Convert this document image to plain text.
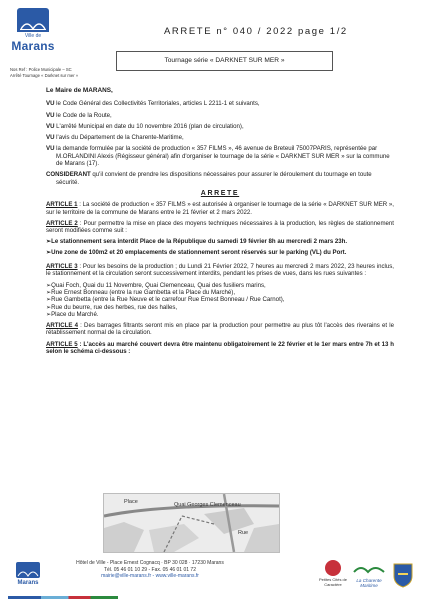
Ville de
Marans
ARRETE n° 040 / 2022 page 1/2
Tournage série « DARKNET SUR MER »
Nos Ref : Police Municipale – SC
Arrêté Tournage « Darknet sur mer »
Le Maire de MARANS,
VU le Code Général des Collectivités Territoriales, articles L 2211-1 et suivants,
VU le Code de la Route,
VU L'arrêté Municipal en date du 10 novembre 2016 (plan de circulation),
VU l'avis du Département de la Charente-Maritime,
VU la demande formulée par la société de production « 357 FILMS », 46 avenue de Breteuil 75007PARIS, représentée par M.ORLANDINI Alexis (Régisseur général) afin d'organiser le tournage de la série « DARKNET SUR MER » sur la commune de Marans (17).
CONSIDERANT qu'il convient de prendre les dispositions nécessaires pour assurer le déroulement du tournage en toute sécurité.
ARRETE
ARTICLE 1 : La société de production « 357 FILMS » est autorisée à organiser le tournage de la série « DARKNET SUR MER », sur le territoire de la commune de Marans entre le 21 février et 2 mars 2022.
ARTICLE 2 : Pour permettre la mise en place des moyens techniques nécessaires à la production, les règles de stationnement seront modifiées comme suit :
➢Le stationnement sera interdit Place de la République du samedi 19 février 8h au mercredi 2 mars 23h.
➢Une zone de 100m2 et 20 emplacements de stationnement seront réservés sur le parking (VL) du Port.
ARTICLE 3 : Pour les besoins de la production ; du Lundi 21 Février 2022, 7 heures au mercredi 2 mars 2022, 23 heures inclus, le stationnement et la circulation seront successivement interdits, pendant les prises de vues, dans les rues suivantes :
➢Quai Foch, Quai du 11 Novembre, Quai Clemenceau, Quai des fusiliers marins,
➢Rue Ernest Bonneau (entre la rue Gambetta et la Place du Marché),
➢Rue Gambetta (entre la Rue Neuve et le carrefour Rue Ernest Bonneau / Rue Carnot),
➢Rue du beurre, rue des herbes, rue des halles,
➢Place du Marché.
ARTICLE 4 : Des barrages filtrants seront mis en place par la production pour permettre au plus tôt l'accès des riverains et le rétablissement normal de la circulation.
ARTICLE 5 : L'accès au marché couvert devra être maintenu obligatoirement le 22 février et le 1er mars entre 7h et 13 h selon le schéma ci-dessous :
Quai Georges Clemenceau
Rue
Place
Hôtel de Ville - Place Ernest Cognacq · BP 30 028 · 17230 Marans
Tél. 05 46 01 10 29 - Fax. 05 46 01 01 72
mairie@ville-marans.fr - www.ville-marans.fr
Marans
Petites Cités de Caractère
La Charente Maritime
